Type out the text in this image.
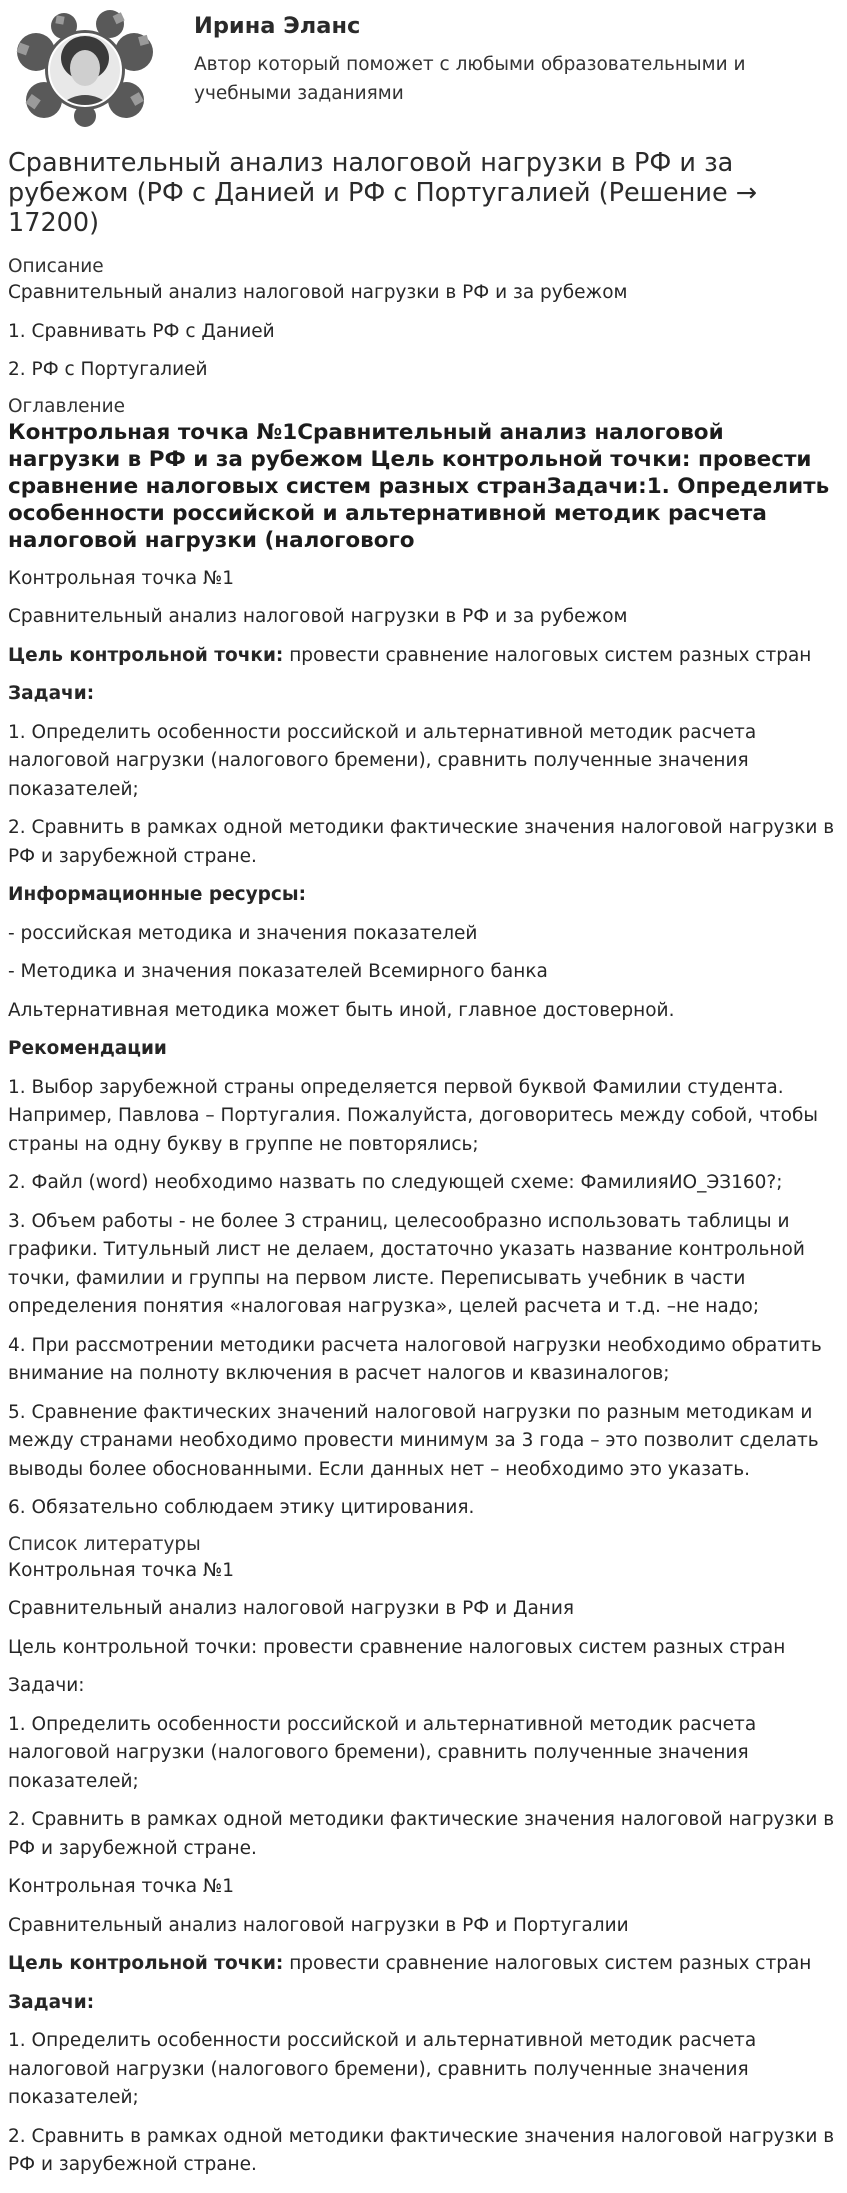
Ирина Эланс
Автор который поможет с любыми образовательными и учебными заданиями
Сравнительный анализ налоговой нагрузки в РФ и за рубежом (РФ с Данией и РФ с Португалией (Решение → 17200)
Описание

Сравнительный анализ налоговой нагрузки в РФ и за рубежом

1. Сравнивать РФ с Данией

2. РФ с Португалией

Оглавление

Контрольная точка №1Сравнительный анализ налоговой нагрузки в РФ и за рубежом Цель контрольной точки: провести сравнение налоговых систем разных странЗадачи:1. Определить особенности российской и альтернативной методик расчета налоговой нагрузки (налогового

Контрольная точка №1

Сравнительный анализ налоговой нагрузки в РФ и за рубежом

Цель контрольной точки: провести сравнение налоговых систем разных стран

Задачи:

1. Определить особенности российской и альтернативной методик расчета налоговой нагрузки (налогового бремени), сравнить полученные значения показателей;

2. Сравнить в рамках одной методики фактические значения налоговой нагрузки в РФ и зарубежной стране.

Информационные ресурсы:

- российская методика и значения показателей

- Методика и значения показателей Всемирного банка

Альтернативная методика может быть иной, главное достоверной.

Рекомендации

1. Выбор зарубежной страны определяется первой буквой Фамилии студента. Например, Павлова – Португалия. Пожалуйста, договоритесь между собой, чтобы страны на одну букву в группе не повторялись;

2. Файл (word) необходимо назвать по следующей схеме: ФамилияИО_ЭЗ160?;

3. Объем работы - не более 3 страниц, целесообразно использовать таблицы и графики. Титульный лист не делаем, достаточно указать название контрольной точки, фамилии и группы на первом листе. Переписывать учебник в части определения понятия «налоговая нагрузка», целей расчета и т.д. –не надо;

4. При рассмотрении методики расчета налоговой нагрузки необходимо обратить внимание на полноту включения в расчет налогов и квазиналогов;

5. Сравнение фактических значений налоговой нагрузки по разным методикам и между странами необходимо провести минимум за 3 года – это позволит сделать выводы более обоснованными. Если данных нет – необходимо это указать.

6. Обязательно соблюдаем этику цитирования.

Список литературы

Контрольная точка №1

Сравнительный анализ налоговой нагрузки в РФ и Дания

Цель контрольной точки: провести сравнение налоговых систем разных стран

Задачи:

1. Определить особенности российской и альтернативной методик расчета налоговой нагрузки (налогового бремени), сравнить полученные значения показателей;

2. Сравнить в рамках одной методики фактические значения налоговой нагрузки в РФ и зарубежной стране.

Контрольная точка №1

Сравнительный анализ налоговой нагрузки в РФ и Португалии

Цель контрольной точки: провести сравнение налоговых систем разных стран

Задачи:

1. Определить особенности российской и альтернативной методик расчета налоговой нагрузки (налогового бремени), сравнить полученные значения показателей;

2. Сравнить в рамках одной методики фактические значения налоговой нагрузки в РФ и зарубежной стране.
